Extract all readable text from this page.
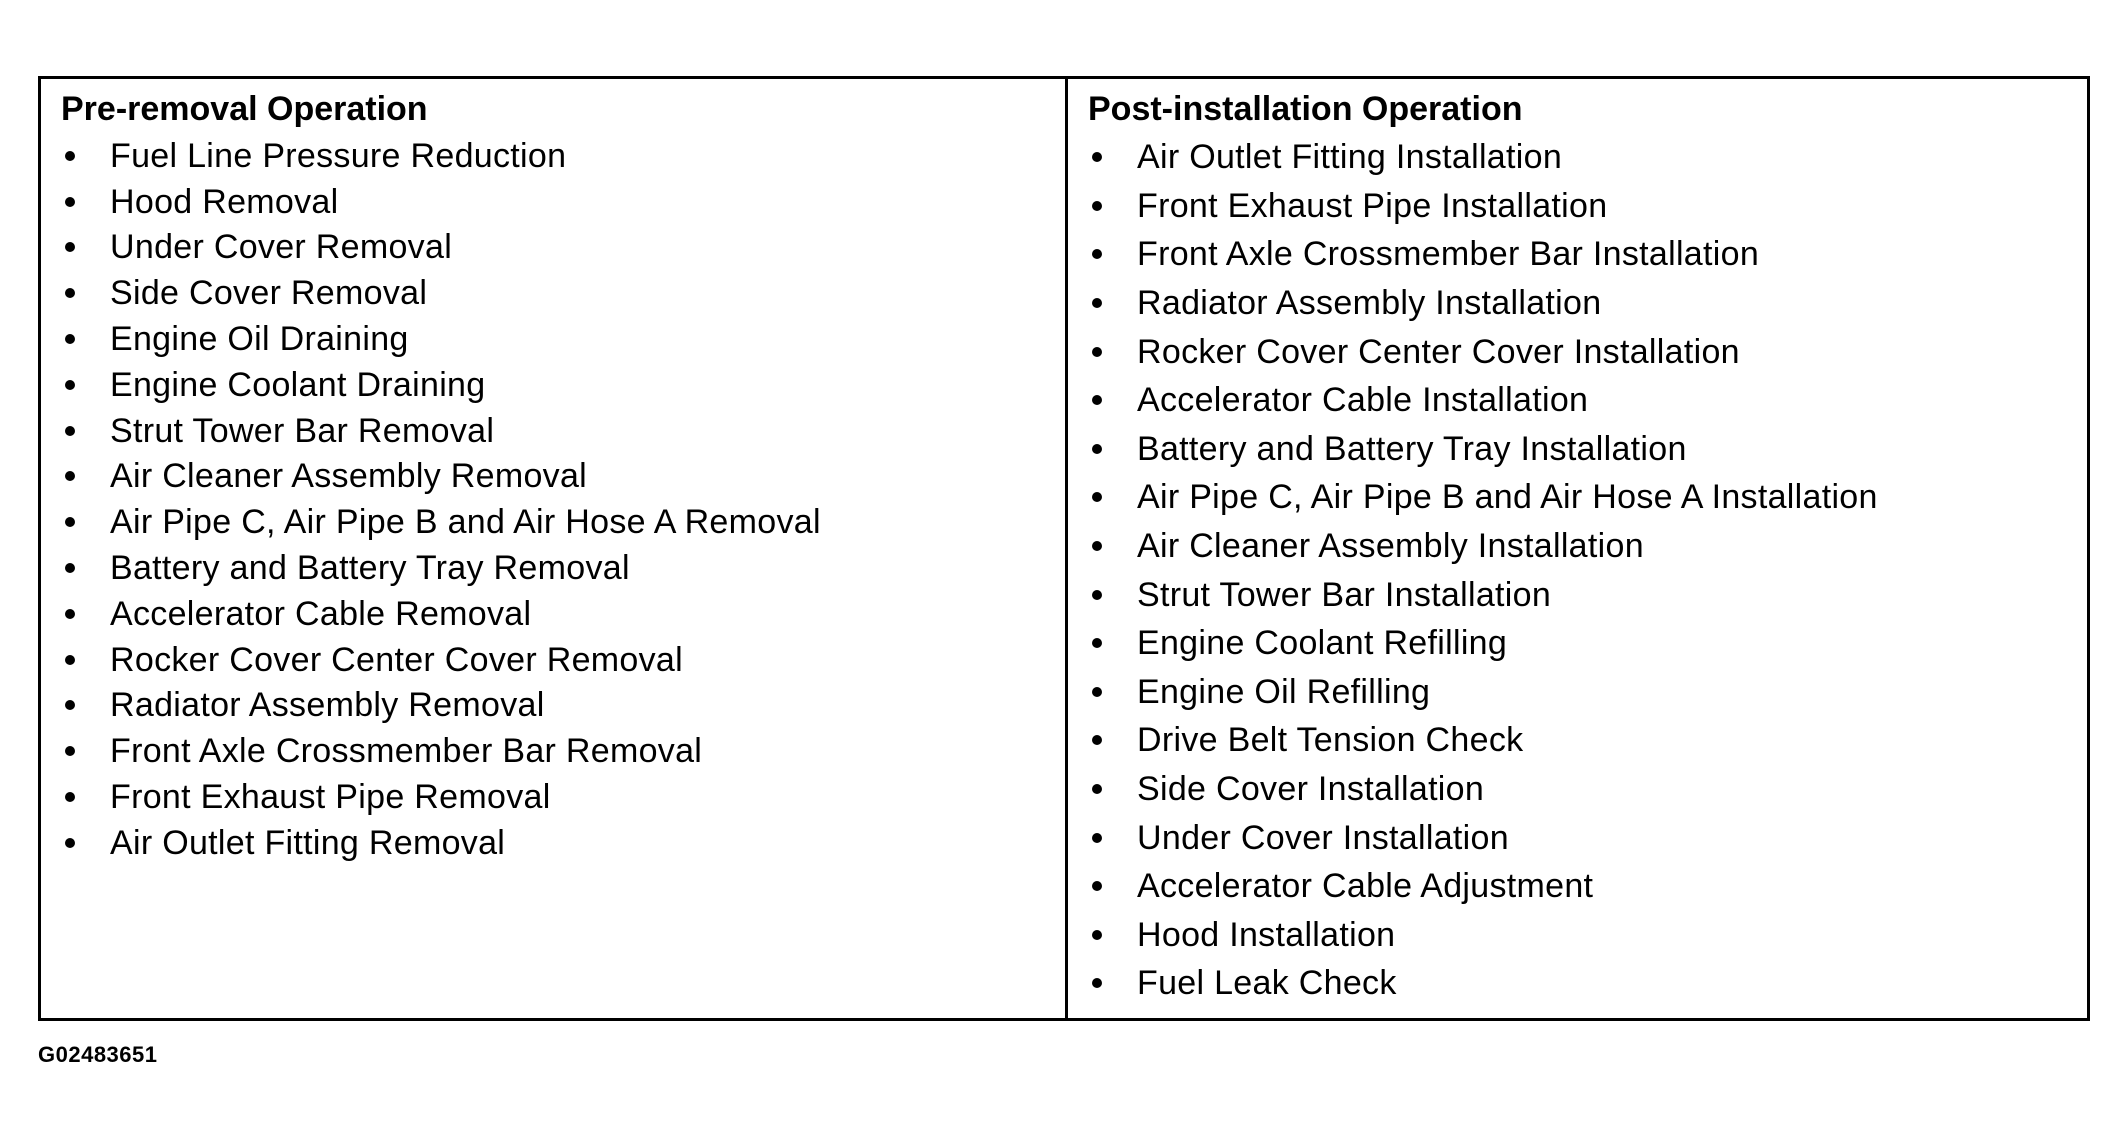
Pre-removal Operation
Fuel Line Pressure Reduction
Hood Removal
Under Cover Removal
Side Cover Removal
Engine Oil Draining
Engine Coolant Draining
Strut Tower Bar Removal
Air Cleaner Assembly Removal
Air Pipe C, Air Pipe B and Air Hose A Removal
Battery and Battery Tray Removal
Accelerator Cable Removal
Rocker Cover Center Cover Removal
Radiator Assembly Removal
Front Axle Crossmember Bar Removal
Front Exhaust Pipe Removal
Air Outlet Fitting Removal
Post-installation Operation
Air Outlet Fitting Installation
Front Exhaust Pipe Installation
Front Axle Crossmember Bar Installation
Radiator Assembly Installation
Rocker Cover Center Cover Installation
Accelerator Cable Installation
Battery and Battery Tray Installation
Air Pipe C, Air Pipe B and Air Hose A Installation
Air Cleaner Assembly Installation
Strut Tower Bar Installation
Engine Coolant Refilling
Engine Oil Refilling
Drive Belt Tension Check
Side Cover Installation
Under Cover Installation
Accelerator Cable Adjustment
Hood Installation
Fuel Leak Check
G02483651
